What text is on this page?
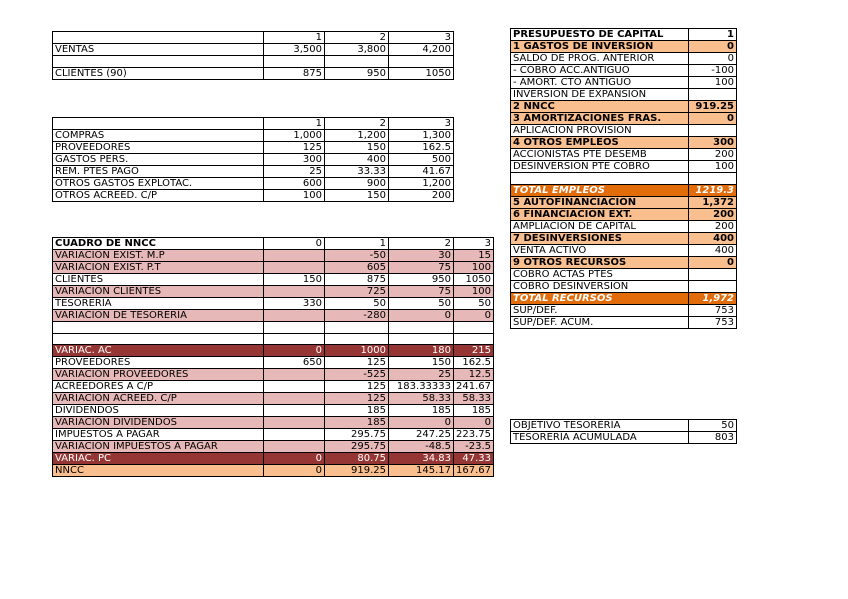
	1	2	3
VENTAS	3,500	3,800	4,200

CLIENTES (90)	875	950	1050
	1	2	3
COMPRAS	1,000	1,200	1,300
PROVEEDORES	125	150	162.5
GASTOS PERS.	300	400	500
REM. PTES PAGO	25	33.33	41.67
OTROS GASTOS EXPLOTAC.	600	900	1,200
OTROS ACREED. C/P	100	150	200
CUADRO DE NNCC	0	1	2	3
VARIACIÓN EXIST. M.P		-50	30	15
VARIACIÓN EXIST. P.T		605	75	100
CLIENTES	150	875	950	1050
VARIACIÓN CLIENTES		725	75	100
TESORERÍA	330	50	50	50
VARIACIÓN DE TESORERÍA		-280	0	0

VARIAC. AC	0	1000	180	215
PROVEEDORES	650	125	150	162.5
VARIACIÓN PROVEEDORES		-525	25	12.5
ACREEDORES A C/P		125	183.33333	241.67
VARIACIÓN ACREED. C/P		125	58.33	58.33
DIVIDENDOS		185	185	185
VARIACIÓN DIVIDENDOS		185	0	0
IMPUESTOS A PAGAR		295.75	247.25	223.75
VARIACIÓN IMPUESTOS A PAGAR		295.75	-48.5	-23.5
VARIAC. PC	0	80.75	34.83	47.33
NNCC	0	919.25	145.17	167.67
PRESUPUESTO DE CAPITAL	1
1 GASTOS DE INVERSIÓN	0
SALDO DE PROG. ANTERIOR	0
- COBRO ACC.ANTIGUO	-100
- AMORT. CTO ANTIGUO	100
INVERSION DE EXPANSIÓN	
2 NNCC	919.25
3 AMORTIZACIONES FRAS.	0
APLICACIÓN PROVISIÓN	
4 OTROS EMPLEOS	300
ACCIONISTAS PTE DESEMB	200
DESINVERSIÓN PTE COBRO	100

TOTAL EMPLEOS	1219.3
5 AUTOFINANCIACIÓN	1,372
6 FINANCIACIÓN EXT.	200
AMPLIACIÓN DE CAPITAL	200
7 DESINVERSIONES	400
VENTA ACTIVO	400
9 OTROS RECURSOS	0
COBRO ACTAS PTES	
COBRO DESINVERSIÓN	
TOTAL RECURSOS	1,972
SUP/DEF.	753
SUP/DEF. ACUM.	753
OBJETIVO TESORERÍA	50
TESORERÍA ACUMULADA	803
